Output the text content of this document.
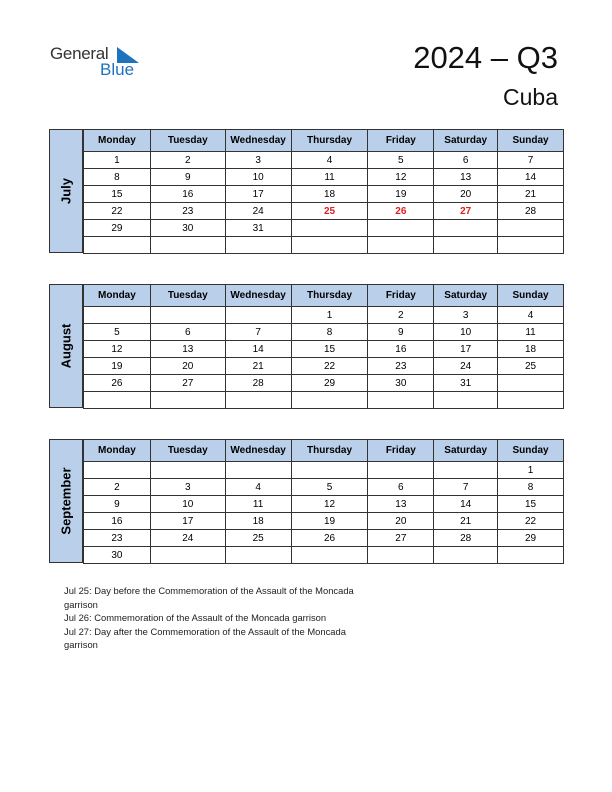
General
Blue	2024 – Q3
Cuba
July
Monday	Tuesday	Wednesday	Thursday	Friday	Saturday	Sunday
1	2	3	4	5	6	7
8	9	10	11	12	13	14
15	16	17	18	19	20	21
22	23	24	25	26	27	28
29	30	31				

August
Monday	Tuesday	Wednesday	Thursday	Friday	Saturday	Sunday
			1	2	3	4
5	6	7	8	9	10	11
12	13	14	15	16	17	18
19	20	21	22	23	24	25
26	27	28	29	30	31	

September
Monday	Tuesday	Wednesday	Thursday	Friday	Saturday	Sunday
						1
2	3	4	5	6	7	8
9	10	11	12	13	14	15
16	17	18	19	20	21	22
23	24	25	26	27	28	29
30						
Jul 25: Day before the Commemoration of the Assault of the Moncada garrison
Jul 26: Commemoration of the Assault of the Moncada garrison
Jul 27: Day after the Commemoration of the Assault of the Moncada garrison
